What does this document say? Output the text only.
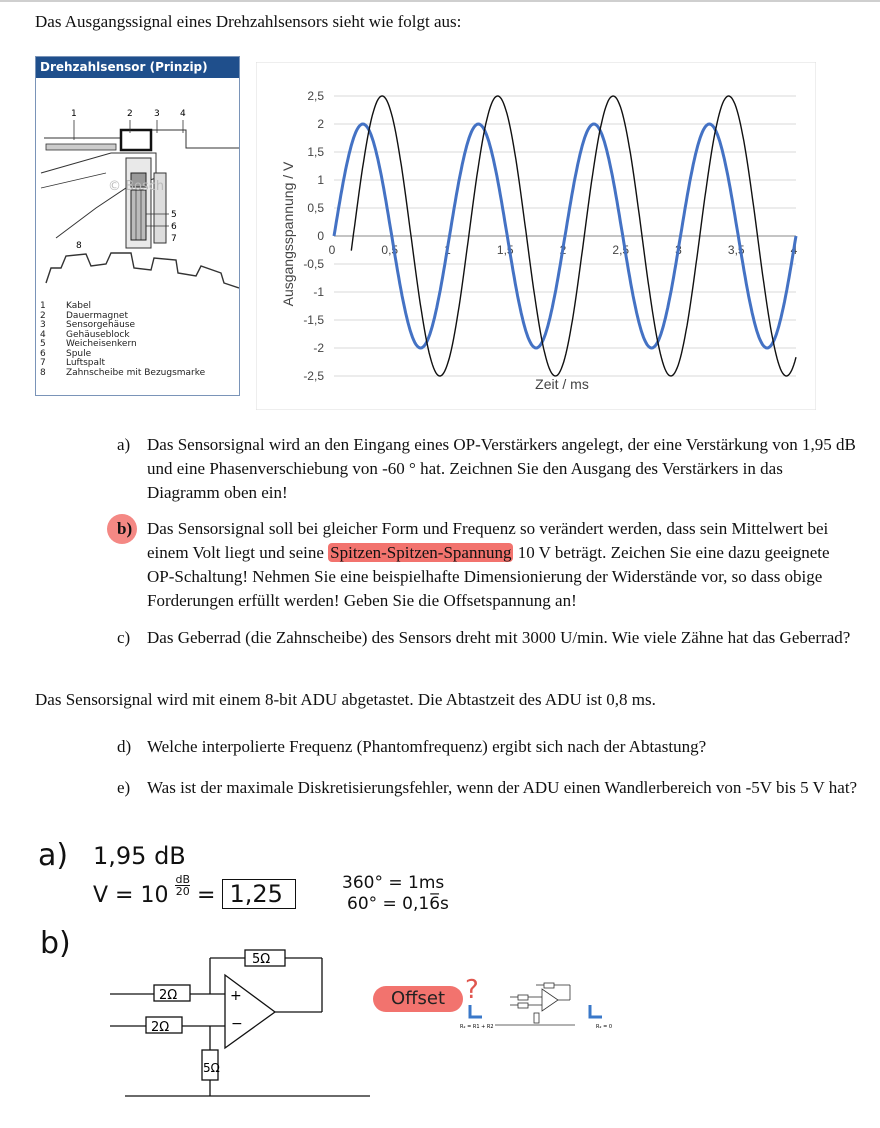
Das Ausgangssignal eines Drehzahlsensors sieht wie folgt aus:
Drehzahlsensor (Prinzip)
1	2 3 4
5
6
7
8
© Bosch
1 Kabel
2 Dauermagnet
3 Sensorgehäuse
4 Gehäuseblock
5 Weicheisenkern
6 Spule
7 Luftspalt
8 Zahnscheibe mit Bezugsmarke
2,5
2
1,5
1
0,5
0
-0,5
-1
-1,5
-2
-2,5
0	0,5	1	1,5	2	2,5	3	3,5	4
Ausgangsspannung / V
Zeit / ms
a) Das Sensorsignal wird an den Eingang eines OP-Verstärkers angelegt, der eine Verstärkung von 1,95 dB und eine Phasenverschiebung von -60 ° hat. Zeichnen Sie den Ausgang des Verstärkers in das Diagramm oben ein!
b) Das Sensorsignal soll bei gleicher Form und Frequenz so verändert werden, dass sein Mittelwert bei einem Volt liegt und seine Spitzen-Spitzen-Spannung 10 V beträgt. Zeichen Sie eine dazu geeignete OP-Schaltung! Nehmen Sie eine beispielhafte Dimensionierung der Widerstände vor, so dass obige Forderungen erfüllt werden! Geben Sie die Offsetspannung an!
c) Das Geberrad (die Zahnscheibe) des Sensors dreht mit 3000 U/min. Wie viele Zähne hat das Geberrad?
Das Sensorsignal wird mit einem 8-bit ADU abgetastet. Die Abtastzeit des ADU ist 0,8 ms.
d) Welche interpolierte Frequenz (Phantomfrequenz) ergibt sich nach der Abtastung?
e) Was ist der maximale Diskretisierungsfehler, wenn der ADU einen Wandlerbereich von -5V bis 5 V hat?
a) 1,95 dB
$V = 10 \frac{dB}{20} = 1,25$	360° = 1ms
60° = 0,16̅s
b)	5Ω
2Ω
2Ω
5Ω
+
−
Offset ?
R₂ = R1 + R2	R₂ = 0
